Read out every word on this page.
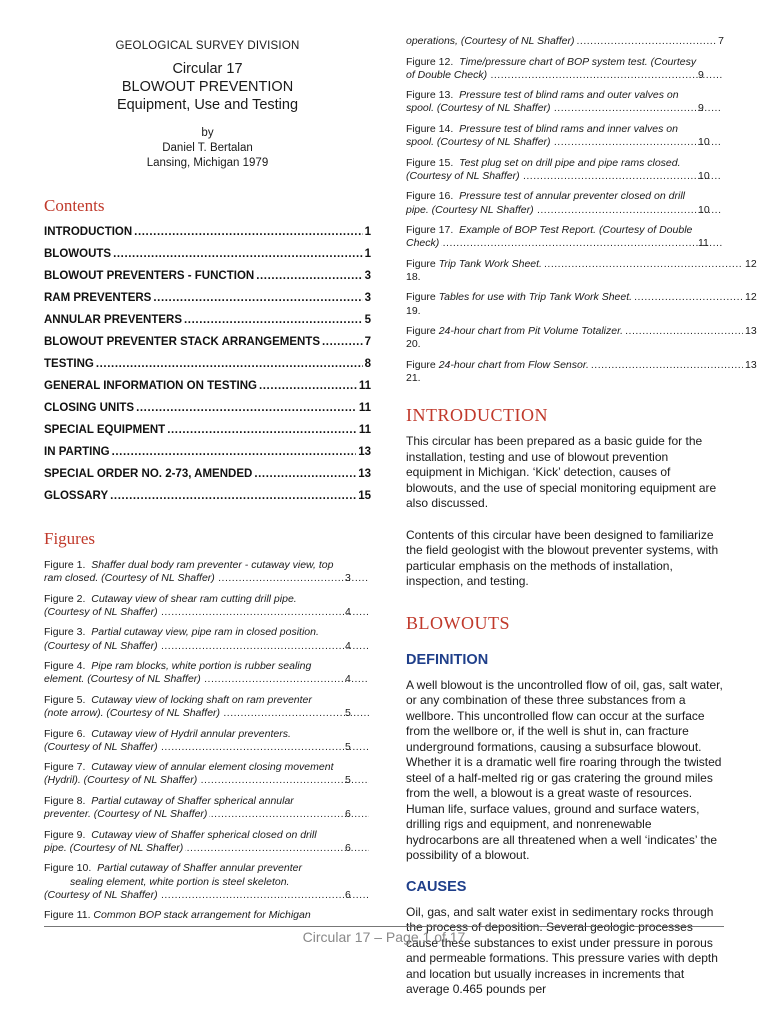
GEOLOGICAL SURVEY DIVISION
Circular 17
BLOWOUT PREVENTION
Equipment, Use and Testing
by
Daniel T. Bertalan
Lansing, Michigan 1979
Contents
INTRODUCTION .....	1
BLOWOUTS .....	1
BLOWOUT PREVENTERS - FUNCTION .....	3
RAM PREVENTERS .....	3
ANNULAR PREVENTERS .....	5
BLOWOUT PREVENTER STACK ARRANGEMENTS .....	7
TESTING .....	8
GENERAL INFORMATION ON TESTING .....	11
CLOSING UNITS .....	11
SPECIAL EQUIPMENT .....	11
IN PARTING .....	13
SPECIAL ORDER NO. 2-73, AMENDED .....	13
GLOSSARY .....	15
Figures
Figure 1. Shaffer dual body ram preventer - cutaway view, top

ram closed. (Courtesy of NL Shaffer) .....	3
Figure 2. Cutaway view of shear ram cutting drill pipe.

(Courtesy of NL Shaffer) .....	4
Figure 3. Partial cutaway view, pipe ram in closed position.

(Courtesy of NL Shaffer) .....	4
Figure 4. Pipe ram blocks, white portion is rubber sealing

element. (Courtesy of NL Shaffer) .....	4
Figure 5. Cutaway view of locking shaft on ram preventer

(note arrow). (Courtesy of NL Shaffer) .....	5
Figure 6. Cutaway view of Hydril annular preventers.

(Courtesy of NL Shaffer) .....	5
Figure 7. Cutaway view of annular element closing movement

(Hydril). (Courtesy of NL Shaffer) .....	5
Figure 8. Partial cutaway of Shaffer spherical annular

preventer. (Courtesy of NL Shaffer) .....	6
Figure 9. Cutaway view of Shaffer spherical closed on drill

pipe. (Courtesy of NL Shaffer) .....	6
Figure 10. Partial cutaway of Shaffer annular preventer
sealing element, white portion is steel skeleton.

(Courtesy of NL Shaffer) .....	6
Figure 11.
Common BOP stack arrangement for Michigan
operations, (Courtesy of NL Shaffer) .....	7
Figure 12. Time/pressure chart of BOP system test. (Courtesy

of Double Check) .....	9
Figure 13. Pressure test of blind rams and outer valves on

spool. (Courtesy of NL Shaffer) .....	9
Figure 14. Pressure test of blind rams and inner valves on

spool. (Courtesy of NL Shaffer) .....	10
Figure 15. Test plug set on drill pipe and pipe rams closed.

(Courtesy of NL Shaffer) .....	10
Figure 16. Pressure test of annular preventer closed on drill

pipe. (Courtesy NL Shaffer) .....	10
Figure 17. Example of BOP Test Report. (Courtesy of Double

Check) .....	11
Figure 18.

Trip Tank Work Sheet. .....	12
Figure 19.

Tables for use with Trip Tank Work Sheet. .....	12
Figure 20.

24-hour chart from Pit Volume Totalizer. .....	13
Figure 21.

24-hour chart from Flow Sensor. .....	13
INTRODUCTION

This circular has been prepared as a basic guide for the installation, testing and use of blowout prevention equipment in Michigan. ‘Kick’ detection, causes of blowouts, and the use of special monitoring equipment are also discussed.

Contents of this circular have been designed to familiarize the field geologist with the blowout preventer systems, with particular emphasis on the methods of installation, inspection, and testing.

BLOWOUTS
DEFINITION

A well blowout is the uncontrolled flow of oil, gas, salt water, or any combination of these three substances from a wellbore. This uncontrolled flow can occur at the surface from the wellbore or, if the well is shut in, can fracture underground formations, causing a subsurface blowout. Whether it is a dramatic well fire roaring through the twisted steel of a half-melted rig or gas cratering the ground miles from the well, a blowout is a great waste of resources. Human life, surface values, ground and surface waters, drilling rigs and equipment, and nonrenewable hydrocarbons are all threatened when a well ‘indicates’ the possibility of a blowout.

CAUSES

Oil, gas, and salt water exist in sedimentary rocks through the process of deposition. Several geologic processes cause these substances to exist under pressure in porous and permeable formations. This pressure varies with depth and location but usually increases in increments that average 0.465 pounds per

Circular 17 – Page 1 of 17
